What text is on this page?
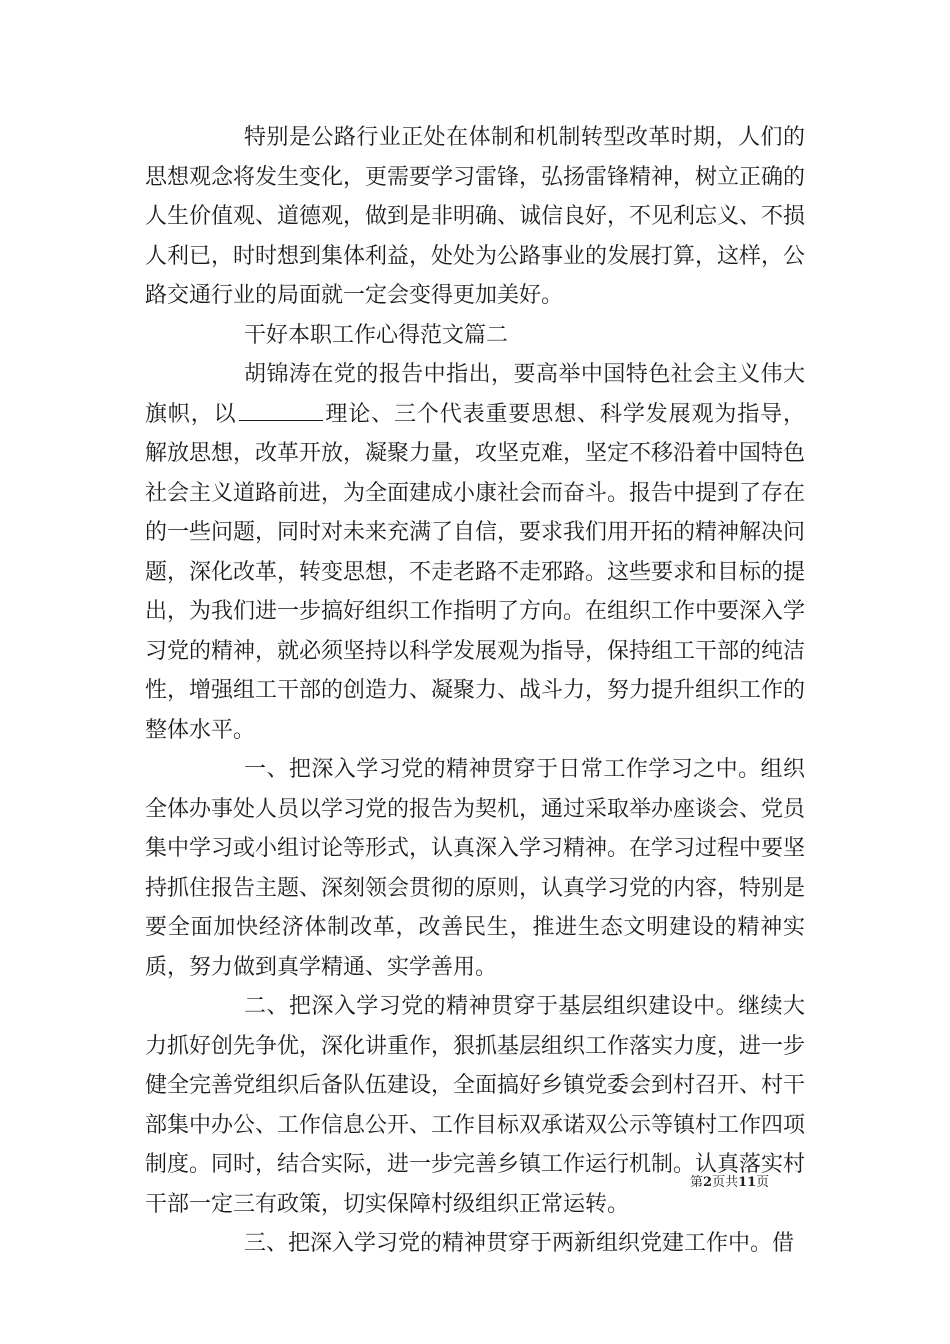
特别是公路行业正处在体制和机制转型改革时期，人们的思想观念将发生变化，更需要学习雷锋，弘扬雷锋精神，树立正确的人生价值观、道德观，做到是非明确、诚信良好，不见利忘义、不损人利已，时时想到集体利益，处处为公路事业的发展打算，这样，公路交通行业的局面就一定会变得更加美好。

干好本职工作心得范文篇二

胡锦涛在党的报告中指出，要高举中国特色社会主义伟大旗帜，以	理论、三个代表重要思想、科学发展观为指导，解放思想，改革开放，凝聚力量，攻坚克难，坚定不移沿着中国特色社会主义道路前进，为全面建成小康社会而奋斗。报告中提到了存在的一些问题，同时对未来充满了自信，要求我们用开拓的精神解决问题，深化改革，转变思想，不走老路不走邪路。这些要求和目标的提出，为我们进一步搞好组织工作指明了方向。在组织工作中要深入学习党的精神，就必须坚持以科学发展观为指导，保持组工干部的纯洁性，增强组工干部的创造力、凝聚力、战斗力，努力提升组织工作的整体水平。

一、把深入学习党的精神贯穿于日常工作学习之中。组织全体办事处人员以学习党的报告为契机，通过采取举办座谈会、党员集中学习或小组讨论等形式，认真深入学习精神。在学习过程中要坚持抓住报告主题、深刻领会贯彻的原则，认真学习党的内容，特别是要全面加快经济体制改革，改善民生，推进生态文明建设的精神实质，努力做到真学精通、实学善用。

二、把深入学习党的精神贯穿于基层组织建设中。继续大力抓好创先争优，深化讲重作，狠抓基层组织工作落实力度，进一步健全完善党组织后备队伍建设，全面搞好乡镇党委会到村召开、村干部集中办公、工作信息公开、工作目标双承诺双公示等镇村工作四项制度。同时，结合实际，进一步完善乡镇工作运行机制。认真落实村干部一定三有政策，切实保障村级组织正常运转。

三、把深入学习党的精神贯穿于两新组织党建工作中。借

第2页共11页
